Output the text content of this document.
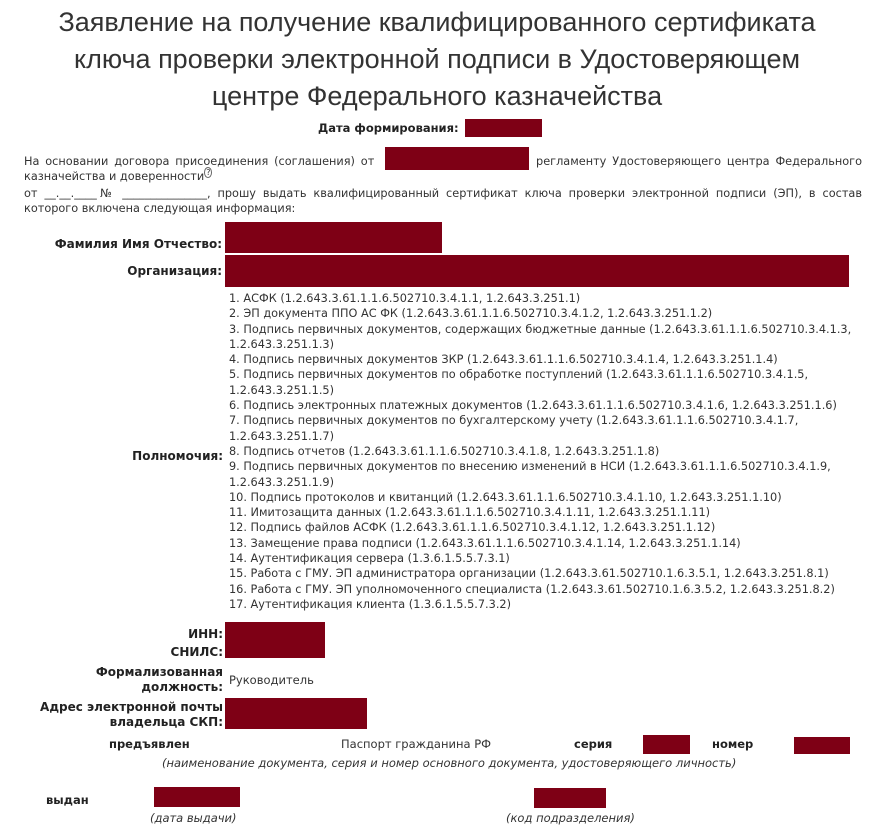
Заявление на получение квалифицированного сертификата ключа проверки электронной подписи в Удостоверяющем центре Федерального казначейства
Дата формирования:
На основании договора присоединения (соглашения) от	регламенту Удостоверяющего центра Федерального казначейства и доверенности ?
от __.__.____№ _______________, прошу выдать квалифицированный сертификат ключа проверки электронной подписи (ЭП), в состав которого включена следующая информация:
Фамилия Имя Отчество:
Организация:
Полномочия:
1. АСФК (1.2.643.3.61.1.1.6.502710.3.4.1.1, 1.2.643.3.251.1)
2. ЭП документа ППО АС ФК (1.2.643.3.61.1.1.6.502710.3.4.1.2, 1.2.643.3.251.1.2)
3. Подпись первичных документов, содержащих бюджетные данные (1.2.643.3.61.1.1.6.502710.3.4.1.3, 1.2.643.3.251.1.3)
4. Подпись первичных документов ЗКР (1.2.643.3.61.1.1.6.502710.3.4.1.4, 1.2.643.3.251.1.4)
5. Подпись первичных документов по обработке поступлений (1.2.643.3.61.1.1.6.502710.3.4.1.5, 1.2.643.3.251.1.5)
6. Подпись электронных платежных документов (1.2.643.3.61.1.1.6.502710.3.4.1.6, 1.2.643.3.251.1.6)
7. Подпись первичных документов по бухгалтерскому учету (1.2.643.3.61.1.1.6.502710.3.4.1.7, 1.2.643.3.251.1.7)
8. Подпись отчетов (1.2.643.3.61.1.1.6.502710.3.4.1.8, 1.2.643.3.251.1.8)
9. Подпись первичных документов по внесению изменений в НСИ (1.2.643.3.61.1.1.6.502710.3.4.1.9, 1.2.643.3.251.1.9)
10. Подпись протоколов и квитанций (1.2.643.3.61.1.1.6.502710.3.4.1.10, 1.2.643.3.251.1.10)
11. Имитозащита данных (1.2.643.3.61.1.1.6.502710.3.4.1.11, 1.2.643.3.251.1.11)
12. Подпись файлов АСФК (1.2.643.3.61.1.1.6.502710.3.4.1.12, 1.2.643.3.251.1.12)
13. Замещение права подписи (1.2.643.3.61.1.1.6.502710.3.4.1.14, 1.2.643.3.251.1.14)
14. Аутентификация сервера (1.3.6.1.5.5.7.3.1)
15. Работа с ГМУ. ЭП администратора организации (1.2.643.3.61.502710.1.6.3.5.1, 1.2.643.3.251.8.1)
16. Работа с ГМУ. ЭП уполномоченного специалиста (1.2.643.3.61.502710.1.6.3.5.2, 1.2.643.3.251.8.2)
17. Аутентификация клиента (1.3.6.1.5.5.7.3.2)
ИНН:
СНИЛС:
Формализованная должность: Руководитель
Адрес электронной почты владельца СКП:
предъявлен	Паспорт гражданина РФ	серия	номер
(наименование документа, серия и номер основного документа, удостоверяющего личность)
выдан
(дата выдачи)	(код подразделения)
